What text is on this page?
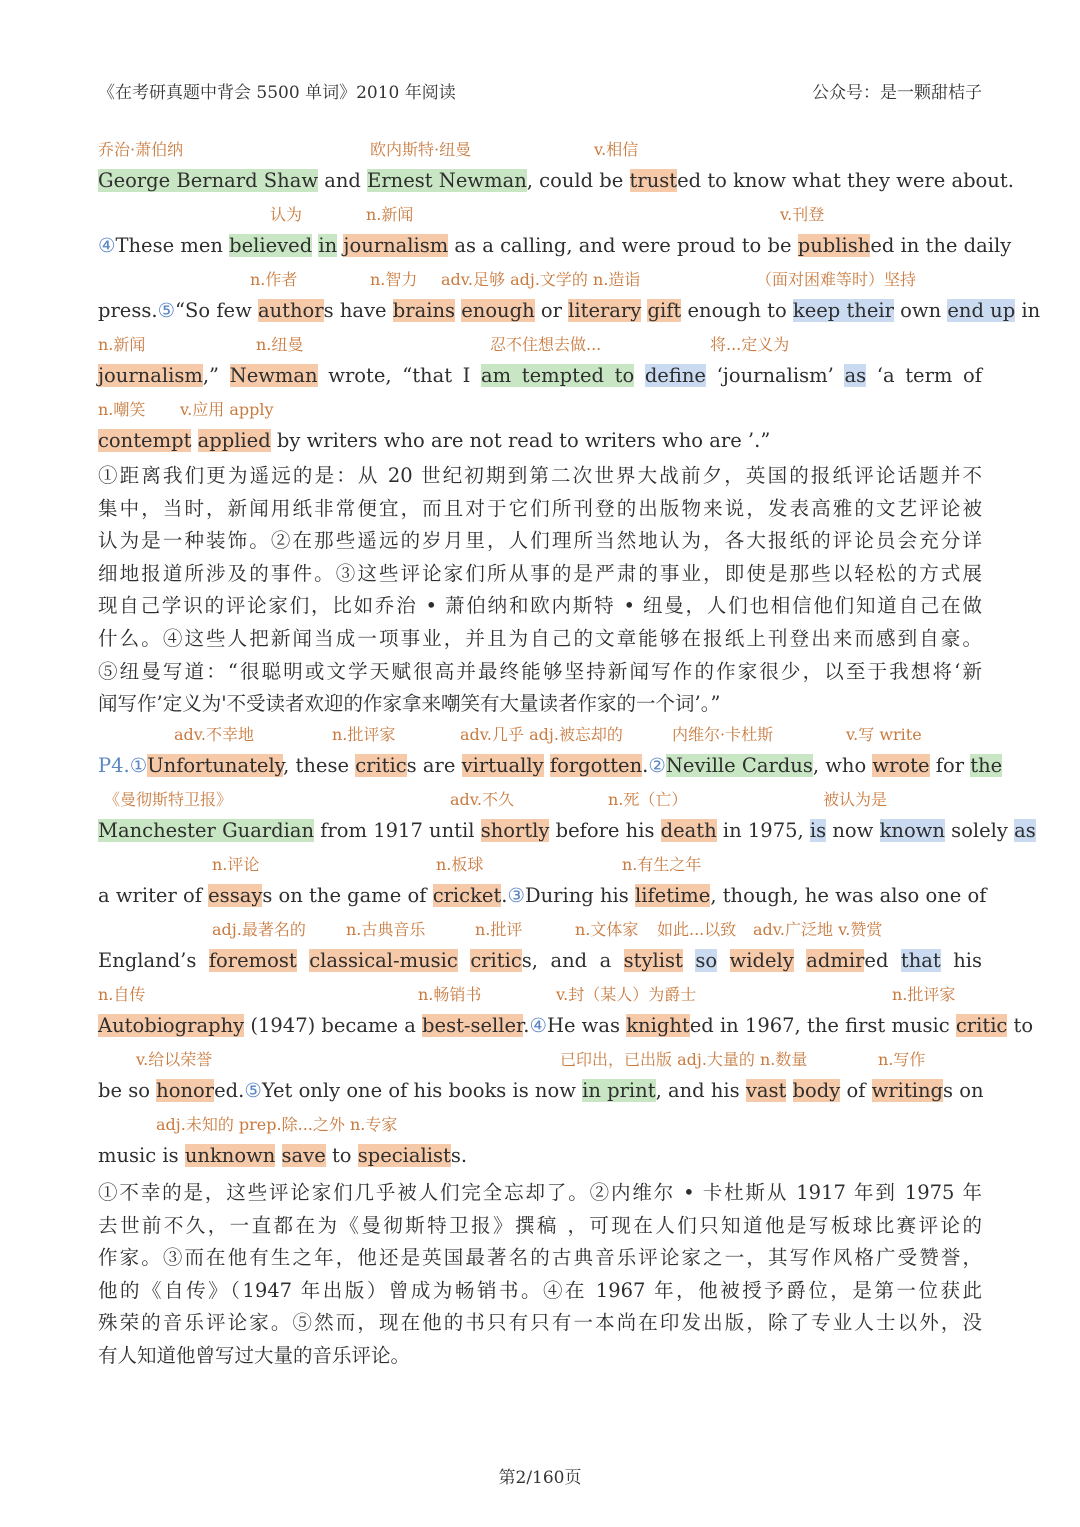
《在考研真题中背会 5500 单词》2010 年阅读	公众号：是一颗甜桔子
乔治·萧伯纳	欧内斯特·纽曼	v.相信
George Bernard Shaw and Ernest Newman, could be trusted to know what they were about.
认为	n.新闻	v.刊登
④These men believed in journalism as a calling, and were proud to be published in the daily
n.作者	n.智力 adv.足够 adj.文学的 n.造诣	（面对困难等时）坚持
press.⑤“So few authors have brains enough or literary gift enough to keep their own end up in
n.新闻	n.纽曼	忍不住想去做...	将...定义为
journalism,” Newman wrote, “that I am tempted to define ‘journalism’ as ‘a term of
n.嘲笑 v.应用 apply
contempt applied by writers who are not read to writers who are ’.”
①距离我们更为遥远的是：从 20 世纪初期到第二次世界大战前夕，英国的报纸评论话题并不
集中，当时，新闻用纸非常便宜，而且对于它们所刊登的出版物来说，发表高雅的文艺评论被
认为是一种装饰。②在那些遥远的岁月里，人们理所当然地认为，各大报纸的评论员会充分详
细地报道所涉及的事件。③这些评论家们所从事的是严肃的事业，即使是那些以轻松的方式展
现自己学识的评论家们，比如乔治 • 萧伯纳和欧内斯特 • 纽曼，人们也相信他们知道自己在做
什么。④这些人把新闻当成一项事业，并且为自己的文章能够在报纸上刊登出来而感到自豪。
⑤纽曼写道：“很聪明或文学天赋很高并最终能够坚持新闻写作的作家很少，以至于我想将‘新
闻写作’定义为'不受读者欢迎的作家拿来嘲笑有大量读者作家的一个词’。”
adv.不幸地	n.批评家	adv.几乎 adj.被忘却的	内维尔·卡杜斯	v.写 write
P4.①Unfortunately, these critics are virtually forgotten.②Neville Cardus, who wrote for the
《曼彻斯特卫报》	adv.不久	n.死（亡）	被认为是
Manchester Guardian from 1917 until shortly before his death in 1975, is now known solely as
n.评论	n.板球	n.有生之年
a writer of essays on the game of cricket.③During his lifetime, though, he was also one of
adj.最著名的	n.古典音乐	n.批评	n.文体家 如此...以致 adv.广泛地 v.赞赏
England’s foremost classical-music critics, and a stylist so widely admired that his
n.自传	n.畅销书	v.封（某人）为爵士	n.批评家
Autobiography (1947) became a best-seller.④He was knighted in 1967, the first music critic to
v.给以荣誉	已印出，已出版 adj.大量的 n.数量	n.写作
be so honored.⑤Yet only one of his books is now in print, and his vast body of writings on
adj.未知的 prep.除...之外 n.专家
music is unknown save to specialists.
①不幸的是，这些评论家们几乎被人们完全忘却了。②内维尔 • 卡杜斯从 1917 年到 1975 年
去世前不久，一直都在为《曼彻斯特卫报》撰稿 ，可现在人们只知道他是写板球比赛评论的
作家。③而在他有生之年，他还是英国最著名的古典音乐评论家之一，其写作风格广受赞誉，
他的《自传》（1947 年出版）曾成为畅销书。④在 1967 年，他被授予爵位，是第一位获此
殊荣的音乐评论家。⑤然而，现在他的书只有只有一本尚在印发出版，除了专业人士以外，没
有人知道他曾写过大量的音乐评论。
第2/160页
